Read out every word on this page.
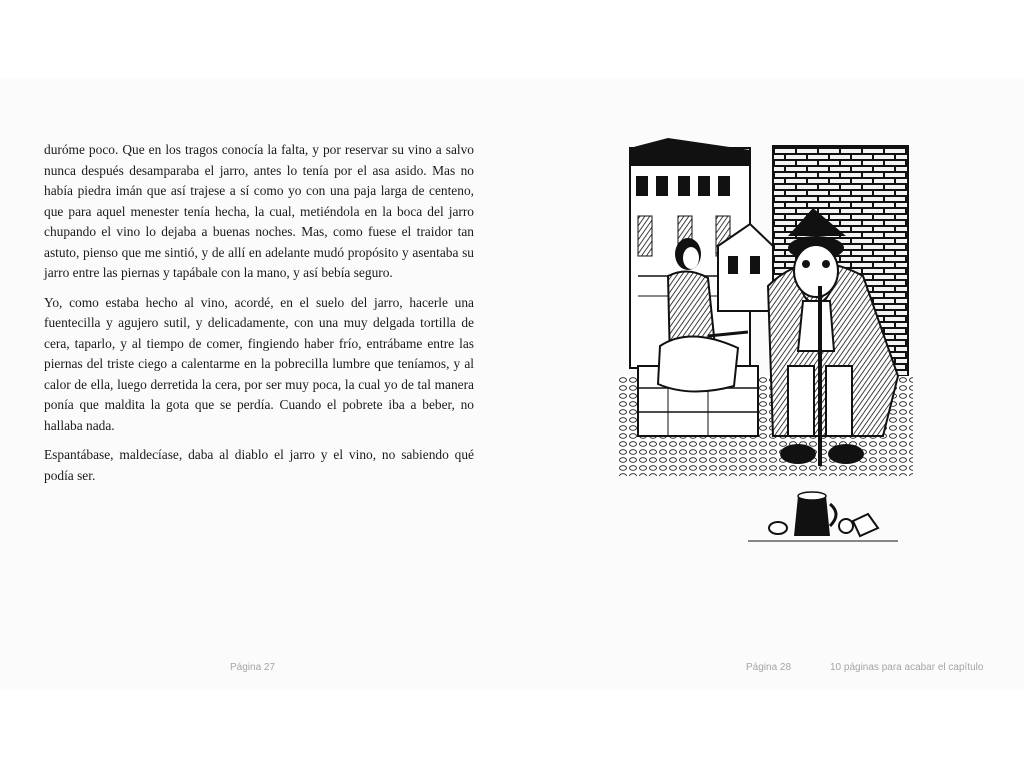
duróme poco. Que en los tragos conocía la falta, y por reservar su vino a salvo nunca después desamparaba el jarro, antes lo tenía por el asa asido. Mas no había piedra imán que así trajese a sí como yo con una paja larga de centeno, que para aquel menester tenía hecha, la cual, metiéndola en la boca del jarro chupando el vino lo dejaba a buenas noches. Mas, como fuese el traidor tan astuto, pienso que me sintió, y de allí en adelante mudó propósito y asentaba su jarro entre las piernas y tapábale con la mano, y así bebía seguro.

Yo, como estaba hecho al vino, acordé, en el suelo del jarro, hacerle una fuentecilla y agujero sutil, y delicadamente, con una muy delgada tortilla de cera, taparlo, y al tiempo de comer, fingiendo haber frío, entrábame entre las piernas del triste ciego a calentarme en la pobrecilla lumbre que teníamos, y al calor de ella, luego derretida la cera, por ser muy poca, la cual yo de tal manera ponía que maldita la gota que se perdía. Cuando el pobrete iba a beber, no hallaba nada.

Espantábase, maldecíase, daba al diablo el jarro y el vino, no sabiendo qué podía ser.

Página 27	Página 28	10 páginas para acabar el capítulo
